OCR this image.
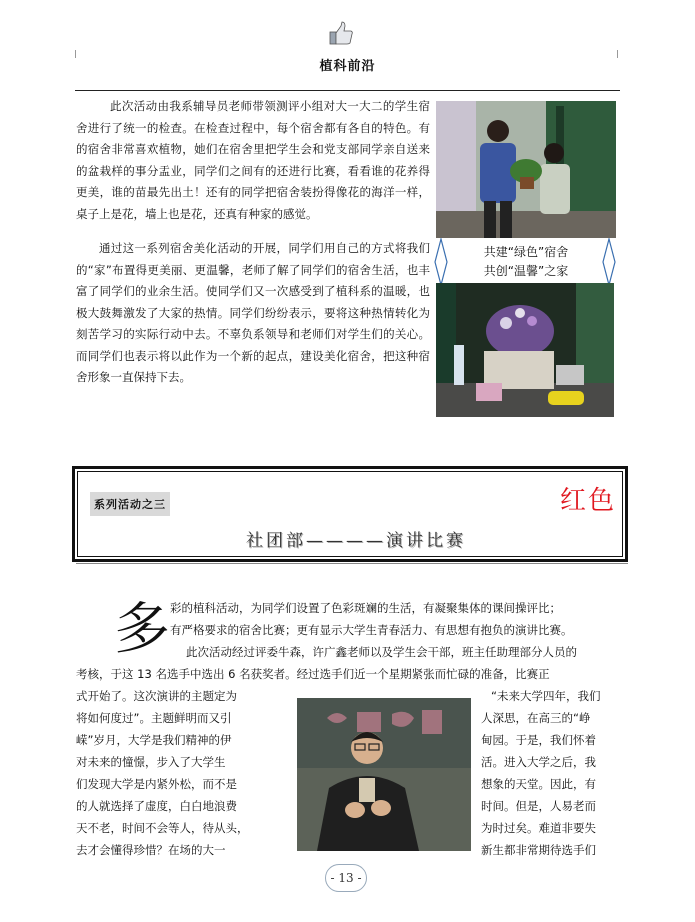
植科前沿

此次活动由我系辅导员老师带领测评小组对大一大二的学生宿舍进行了统一的检查。在检查过程中，每个宿舍都有各自的特色。有的宿舍非常喜欢植物，她们在宿舍里把学生会和党支部同学亲自送来的盆栽样的事分盂业，同学们之间有的还进行比赛，看看谁的花养得更美，谁的苗最先出土！还有的同学把宿舍装扮得像花的海洋一样，桌子上是花，墙上也是花，还真有种家的感觉。

通过这一系列宿舍美化活动的开展，同学们用自己的方式将我们的“家”布置得更美丽、更温馨，老师了解了同学们的宿舍生活，也丰富了同学们的业余生活。使同学们又一次感受到了植科系的温暖，也极大鼓舞激发了大家的热情。同学们纷纷表示，要将这种热情转化为刻苦学习的实际行动中去。不辜负系领导和老师们对学生们的关心。而同学们也表示将以此作为一个新的起点，建设美化宿舍，把这种宿舍形象一直保持下去。

共建“绿色”宿舍
共创“温馨”之家
系列活动之三	红色
社团部————演讲比赛
多 彩的植科活动，为同学们设置了色彩斑斓的生活，有凝聚集体的课间操评比；
有严格要求的宿舍比赛；更有显示大学生青春活力、有思想有抱负的演讲比赛。
此次活动经过评委牛森，许广鑫老师以及学生会干部，班主任助理部分人员的
考核，于这 13 名选手中选出 6 名获奖者。经过选手们近一个星期紧张而忙碌的准备，比赛正
式开始了。这次演讲的主题定为
将如何度过”。主题鲜明而又引
嵘”岁月，大学是我们精神的伊
对未来的憧憬，步入了大学生
们发现大学是内紧外松，而不是
的人就选择了虚度，白白地浪费
天不老，时间不会等人，待从头，
去才会懂得珍惜？在场的大一
“未来大学四年，我们
人深思，在高三的“峥
甸园。于是，我们怀着
活。进入大学之后，我
想象的天堂。因此，有
时间。但是，人易老而
为时过矣。难道非要失
新生都非常期待选手们
- 13 -
